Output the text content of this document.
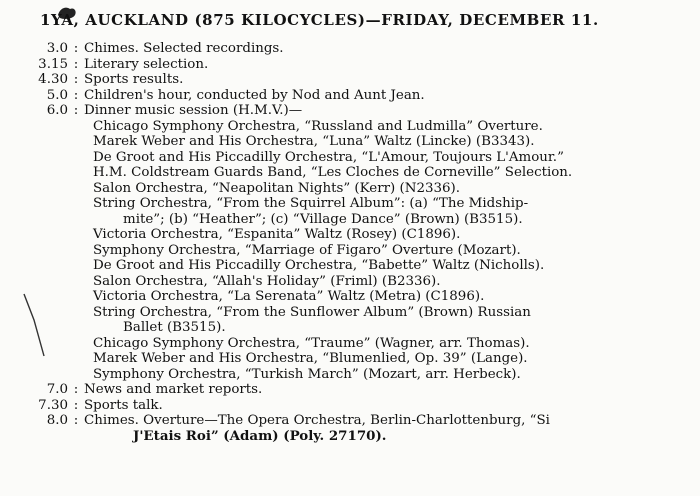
1YA, AUCKLAND (875 KILOCYCLES)—FRIDAY, DECEMBER 11.
3.0 : Chimes. Selected recordings.
3.15 : Literary selection.
4.30 : Sports results.
5.0 : Children's hour, conducted by Nod and Aunt Jean.
6.0 : Dinner music session (H.M.V.)—
Chicago Symphony Orchestra, “Russland and Ludmilla” Overture.
Marek Weber and His Orchestra, “Luna” Waltz (Lincke) (B3343).
De Groot and His Piccadilly Orchestra, “L'Amour, Toujours L'Amour.”
H.M. Coldstream Guards Band, “Les Cloches de Corneville” Selection.
Salon Orchestra, “Neapolitan Nights” (Kerr) (N2336).
String Orchestra, “From the Squirrel Album”: (a) “The Midship-
mite”; (b) “Heather”; (c) “Village Dance” (Brown) (B3515).
Victoria Orchestra, “Espanita” Waltz (Rosey) (C1896).
Symphony Orchestra, “Marriage of Figaro” Overture (Mozart).
De Groot and His Piccadilly Orchestra, “Babette” Waltz (Nicholls).
Salon Orchestra, “Allah's Holiday” (Friml) (B2336).
Victoria Orchestra, “La Serenata” Waltz (Metra) (C1896).
String Orchestra, “From the Sunflower Album” (Brown) Russian
Ballet (B3515).
Chicago Symphony Orchestra, “Traume” (Wagner, arr. Thomas).
Marek Weber and His Orchestra, “Blumenlied, Op. 39” (Lange).
Symphony Orchestra, “Turkish March” (Mozart, arr. Herbeck).
7.0 : News and market reports.
7.30 : Sports talk.
8.0 : Chimes. Overture—The Opera Orchestra, Berlin-Charlottenburg, “Si
J'Etais Roi” (Adam) (Poly. 27170).
